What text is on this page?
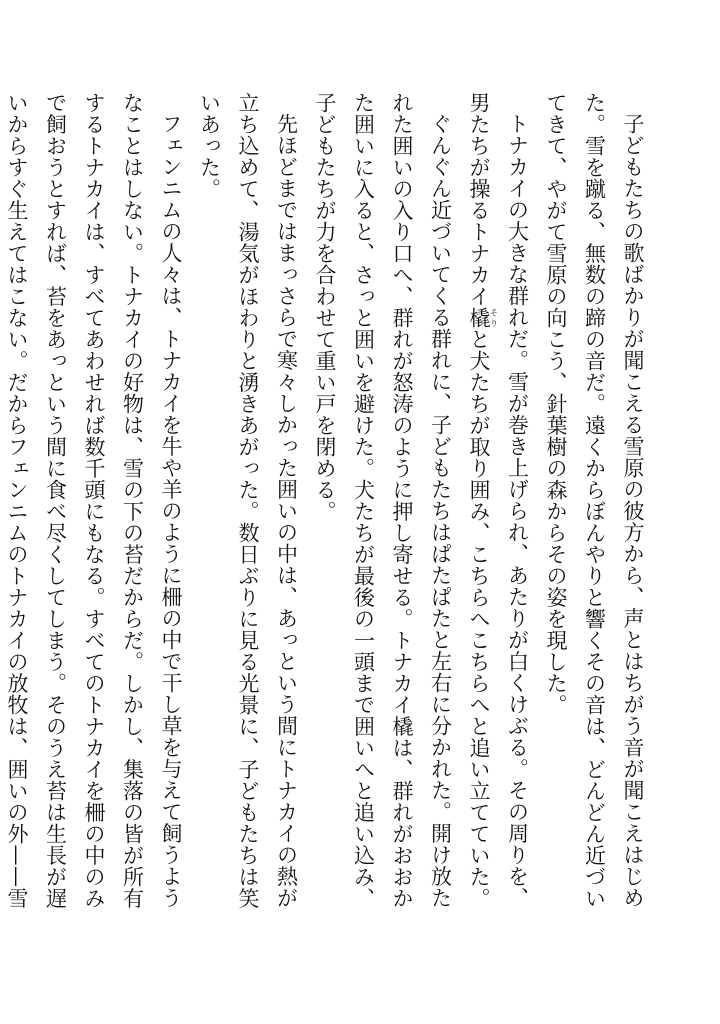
子どもたちの歌ばかりが聞こえる雪原の彼方から、声とはちがう音が聞こえはじめた。雪を蹴る、無数の蹄の音だ。遠くからぼんやりと響くその音は、どんどん近づいてきて、やがて雪原の向こう、針葉樹の森からその姿を現した。

トナカイの大きな群れだ。雪が巻き上げられ、あたりが白くけぶる。その周りを、男たちが操るトナカイ橇そりと犬たちが取り囲み、こちらへこちらへと追い立てていた。

ぐんぐん近づいてくる群れに、子どもたちはぱたぱたと左右に分かれた。開け放たれた囲いの入り口へ、群れが怒涛のように押し寄せる。トナカイ橇は、群れがおおかた囲いに入ると、さっと囲いを避けた。犬たちが最後の一頭まで囲いへと追い込み、子どもたちが力を合わせて重い戸を閉める。

先ほどまではまっさらで寒々しかった囲いの中は、あっという間にトナカイの熱が立ち込めて、湯気がほわりと湧きあがった。数日ぶりに見る光景に、子どもたちは笑いあった。

フェンニムの人々は、トナカイを牛や羊のように柵の中で干し草を与えて飼うようなことはしない。トナカイの好物は、雪の下の苔だからだ。しかし、集落の皆が所有するトナカイは、すべてあわせれば数千頭にもなる。すべてのトナカイを柵の中のみで飼おうとすれば、苔をあっという間に食べ尽くしてしまう。そのうえ苔は生長が遅いからすぐ生えてはこない。だからフェンニムのトナカイの放牧は、囲いの外——雪
